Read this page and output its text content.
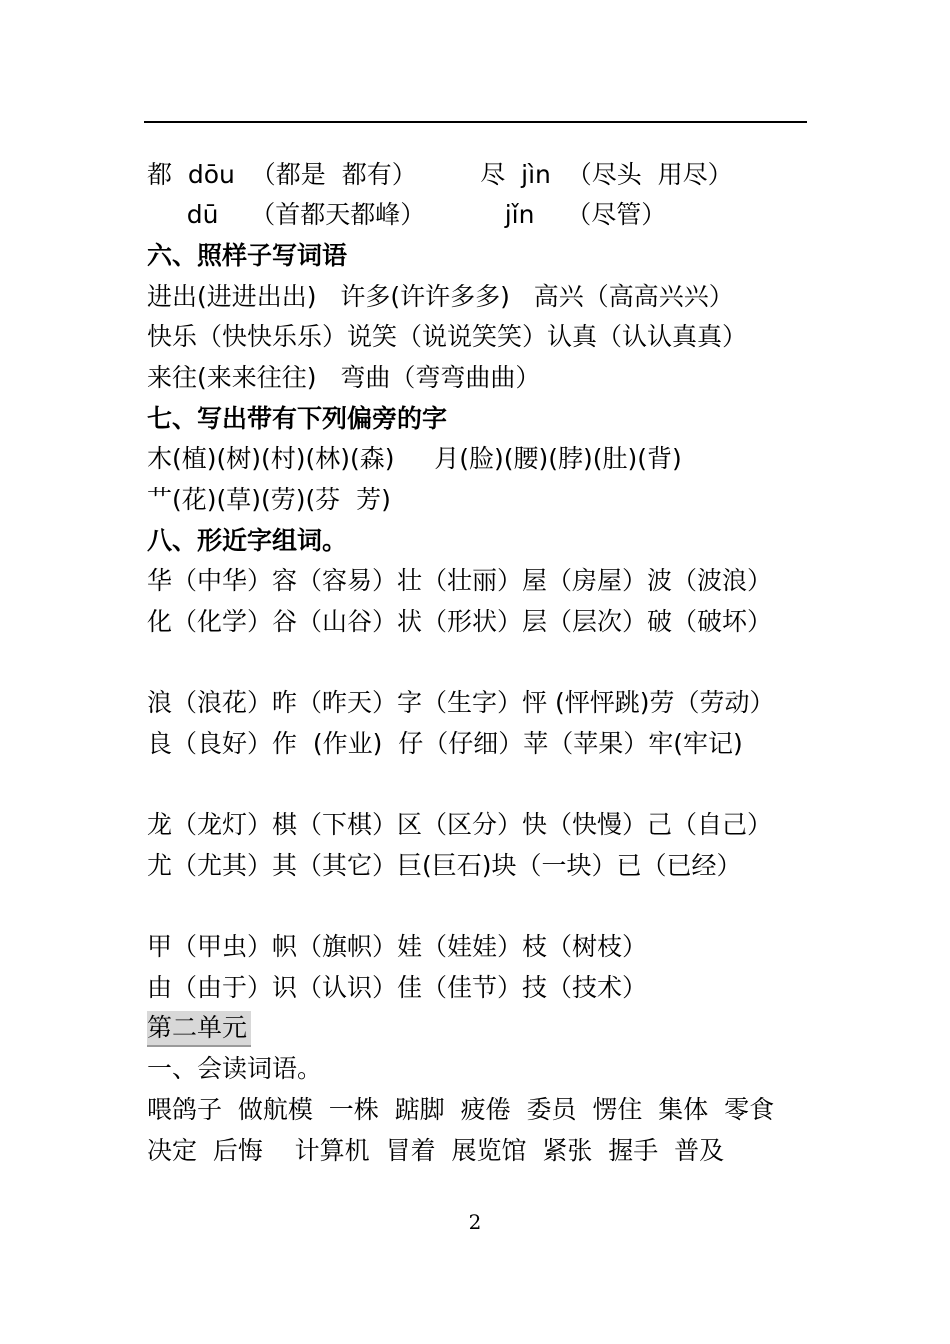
都  dōu  （都是  都有）        尽  jìn  （尽头  用尽）
dū    （首都天都峰）          jǐn    （尽管）
六、照样子写词语
进出(进进出出)   许多(许许多多)   高兴（高高兴兴）
快乐（快快乐乐）说笑（说说笑笑）认真（认认真真）
来往(来来往往)   弯曲（弯弯曲曲）
七、写出带有下列偏旁的字
木(植)(树)(村)(林)(森)     月(脸)(腰)(脖)(肚)(背)
艹(花)(草)(劳)(芬  芳)
八、形近字组词。
华（中华）容（容易）壮（壮丽）屋（房屋）波（波浪）
化（化学）谷（山谷）状（形状）层（层次）破（破坏）
浪（浪花）昨（昨天）字（生字）怦 (怦怦跳)劳（劳动）
良（良好）作  (作业)  仔（仔细）苹（苹果）牢(牢记)
龙（龙灯）棋（下棋）区（区分）快（快慢）己（自己）
尤（尤其）其（其它）巨(巨石)块（一块）已（已经）
甲（甲虫）帜（旗帜）娃（娃娃）枝（树枝）
由（由于）识（认识）佳（佳节）技（技术）
第二单元
一、会读词语。
喂鸽子  做航模  一株  踮脚  疲倦  委员  愣住  集体  零食
决定  后悔    计算机  冒着  展览馆  紧张  握手  普及
2
